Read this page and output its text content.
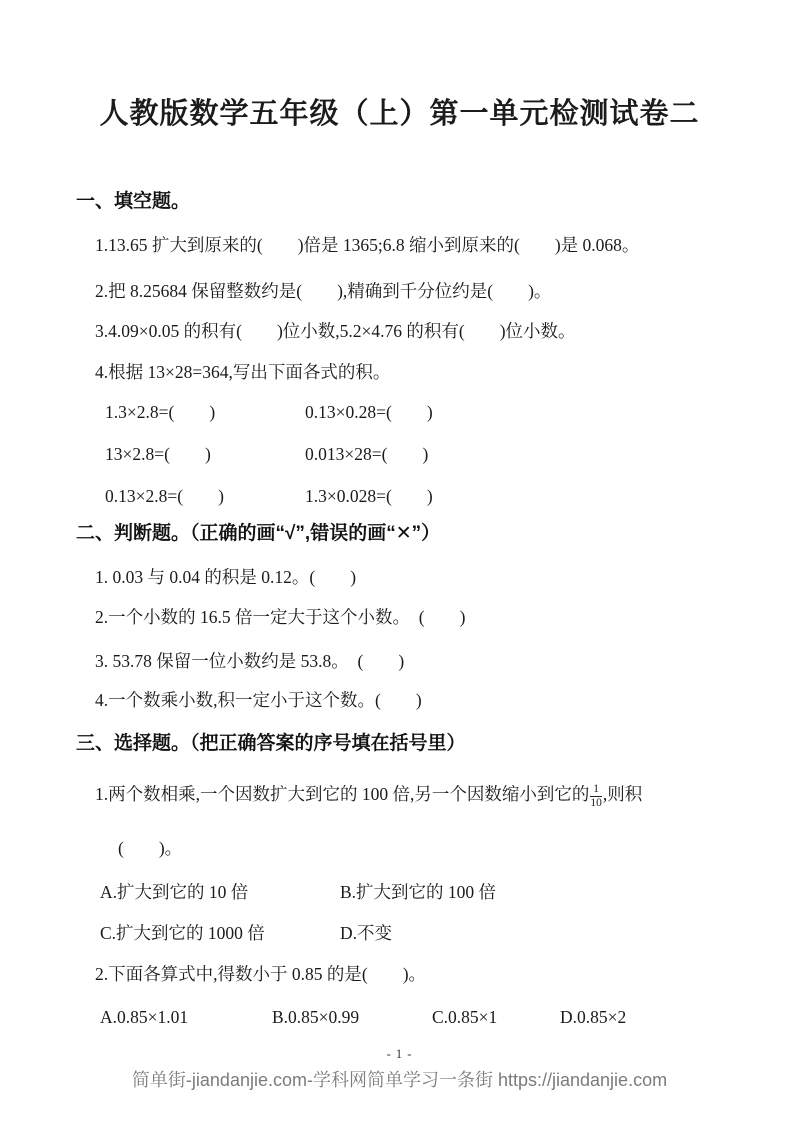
人教版数学五年级（上）第一单元检测试卷二
一、填空题。

1.13.65 扩大到原来的(　　)倍是 1365;6.8 缩小到原来的(　　)是 0.068。

2.把 8.25684 保留整数约是(　　),精确到千分位约是(　　)。

3.4.09×0.05 的积有(　　)位小数,5.2×4.76 的积有(　　)位小数。

4.根据 13×28=364,写出下面各式的积。

1.3×2.8=(　　)	0.13×0.28=(　　)
13×2.8=(　　)	0.013×28=(　　)
0.13×2.8=(　　)	1.3×0.028=(　　)
二、判断题。（正确的画“√”,错误的画“✕”）

1. 0.03 与 0.04 的积是 0.12。(　　)

2.一个小数的 16.5 倍一定大于这个小数。　(　　)

3. 53.78 保留一位小数约是 53.8。　(　　)

4.一个数乘小数,积一定小于这个数。(　　)

三、选择题。（把正确答案的序号填在括号里）

1.两个数相乘,一个因数扩大到它的 100 倍,另一个因数缩小到它的 $\frac{1}{10}$ ,则积

(　　)。

A.扩大到它的 10 倍	B.扩大到它的 100 倍
C.扩大到它的 1000 倍	D.不变

2.下面各算式中,得数小于 0.85 的是(　　)。

A.0.85×1.01	B.0.85×0.99	C.0.85×1	D.0.85×2
- 1 -
简单街-jiandanjie.com-学科网简单学习一条街 https://jiandanjie.com
